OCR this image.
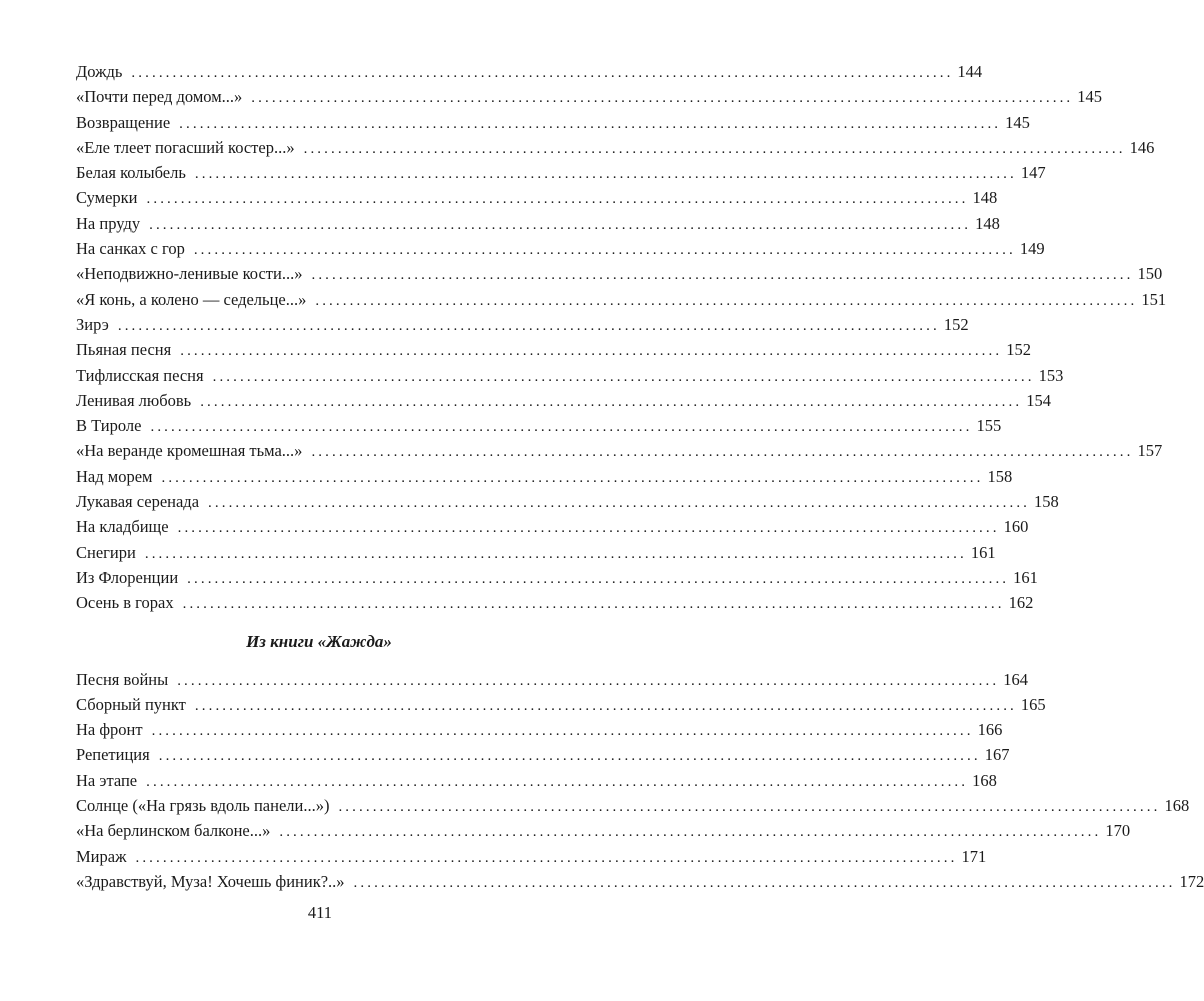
Дождь ........................................................................................................................ 144
«Почти перед домом...» ........................................................................................................................ 145
Возвращение ........................................................................................................................ 145
«Еле тлеет погасший костер...» ........................................................................................................................ 146
Белая колыбель ........................................................................................................................ 147
Сумерки ........................................................................................................................ 148
На пруду ........................................................................................................................ 148
На санках с гор ........................................................................................................................ 149
«Неподвижно-ленивые кости...» ........................................................................................................................ 150
«Я конь, а колено — седельце...» ........................................................................................................................ 151
Зирэ ........................................................................................................................ 152
Пьяная песня ........................................................................................................................ 152
Тифлисская песня ........................................................................................................................ 153
Ленивая любовь ........................................................................................................................ 154
В Тироле ........................................................................................................................ 155
«На веранде кромешная тьма...» ........................................................................................................................ 157
Над морем ........................................................................................................................ 158
Лукавая серенада ........................................................................................................................ 158
На кладбище ........................................................................................................................ 160
Снегири ........................................................................................................................ 161
Из Флоренции ........................................................................................................................ 161
Осень в горах ........................................................................................................................ 162
Из книги «Жажда»
Песня войны ........................................................................................................................ 164
Сборный пункт ........................................................................................................................ 165
На фронт ........................................................................................................................ 166
Репетиция ........................................................................................................................ 167
На этапе ........................................................................................................................ 168
Солнце («На грязь вдоль панели...») ........................................................................................................................ 168
«На берлинском балконе...» ........................................................................................................................ 170
Мираж ........................................................................................................................ 171
«Здравствуй, Муза! Хочешь финик?..» ........................................................................................................................ 172
411
